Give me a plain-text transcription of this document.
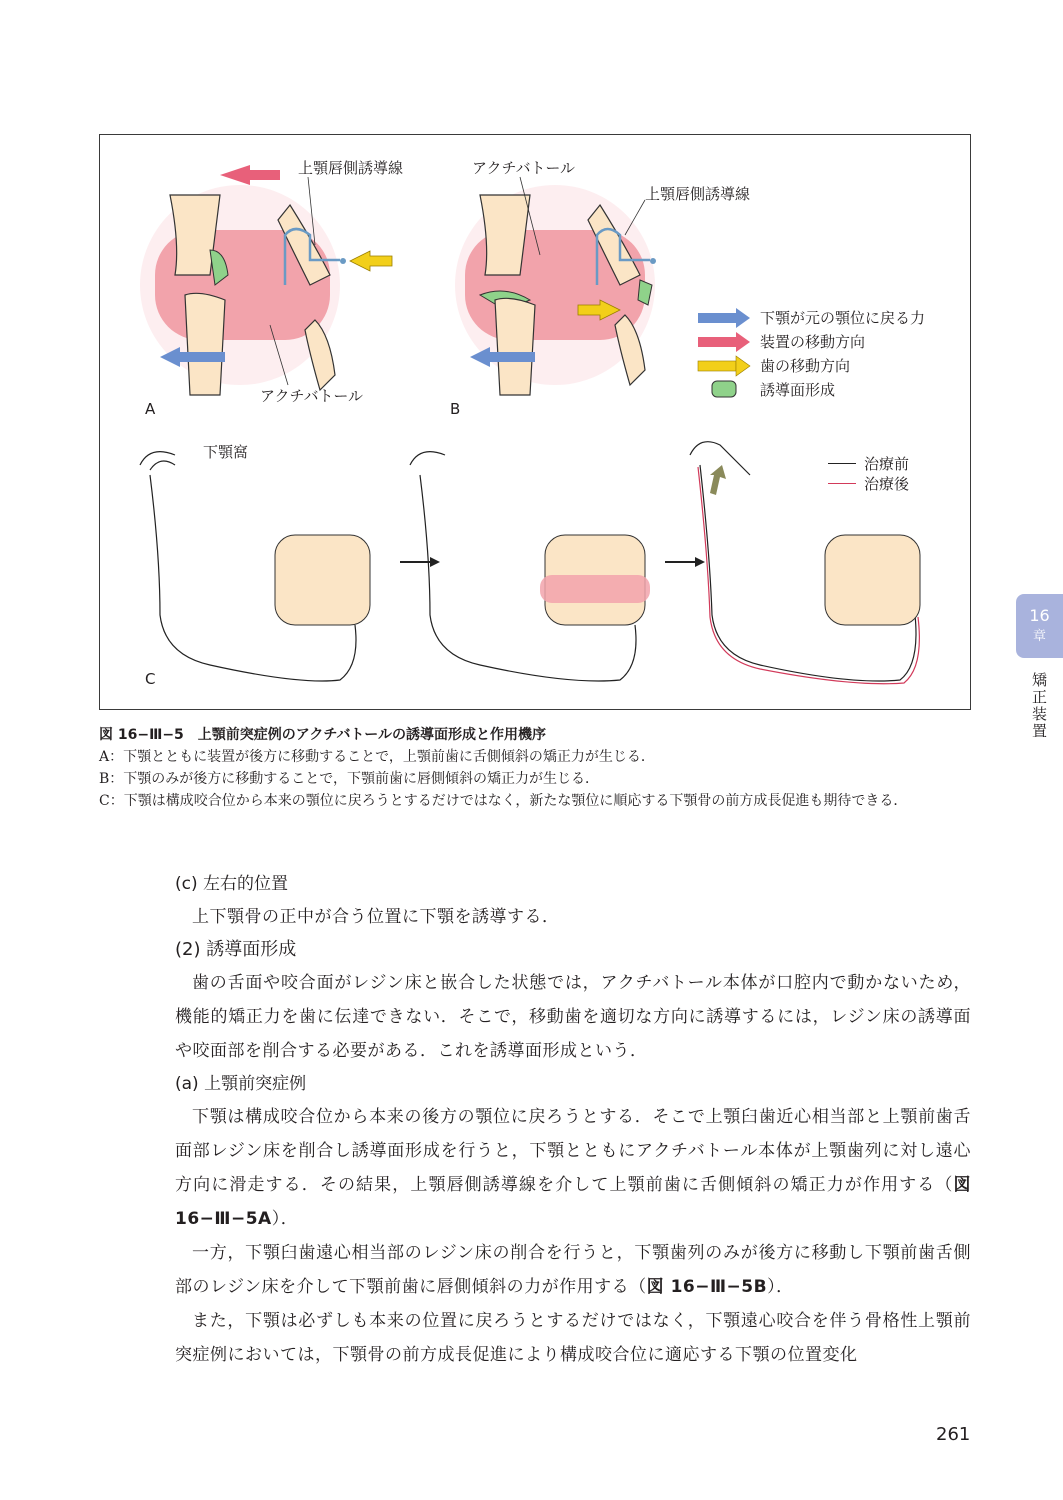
上顎唇側誘導線
アクチバトール
A
アクチバトール
上顎唇側誘導線
B
下顎が元の顎位に戻る力
装置の移動方向
歯の移動方向
誘導面形成
下顎窩
C
治療前
治療後

図 16−Ⅲ−5　上顎前突症例のアクチバトールの誘導面形成と作用機序

A：下顎とともに装置が後方に移動することで，上顎前歯に舌側傾斜の矯正力が生じる．

B：下顎のみが後方に移動することで，下顎前歯に唇側傾斜の矯正力が生じる．

C：下顎は構成咬合位から本来の顎位に戻ろうとするだけではなく，新たな顎位に順応する下顎骨の前方成長促進も期待できる．

(c) 左右的位置

上下顎骨の正中が合う位置に下顎を誘導する．

(2) 誘導面形成

歯の舌面や咬合面がレジン床と嵌合した状態では，アクチバトール本体が口腔内で動かないため，機能的矯正力を歯に伝達できない．そこで，移動歯を適切な方向に誘導するには，レジン床の誘導面や咬面部を削合する必要がある．これを誘導面形成という．

(a) 上顎前突症例

下顎は構成咬合位から本来の後方の顎位に戻ろうとする．そこで上顎臼歯近心相当部と上顎前歯舌面部レジン床を削合し誘導面形成を行うと，下顎とともにアクチバトール本体が上顎歯列に対し遠心方向に滑走する．その結果，上顎唇側誘導線を介して上顎前歯に舌側傾斜の矯正力が作用する（図 16−Ⅲ−5A）．

一方，下顎臼歯遠心相当部のレジン床の削合を行うと，下顎歯列のみが後方に移動し下顎前歯舌側部のレジン床を介して下顎前歯に唇側傾斜の力が作用する（図 16−Ⅲ−5B）．

また，下顎は必ずしも本来の位置に戻ろうとするだけではなく，下顎遠心咬合を伴う骨格性上顎前突症例においては，下顎骨の前方成長促進により構成咬合位に適応する下顎の位置変化

16
章
矯正装置
261
